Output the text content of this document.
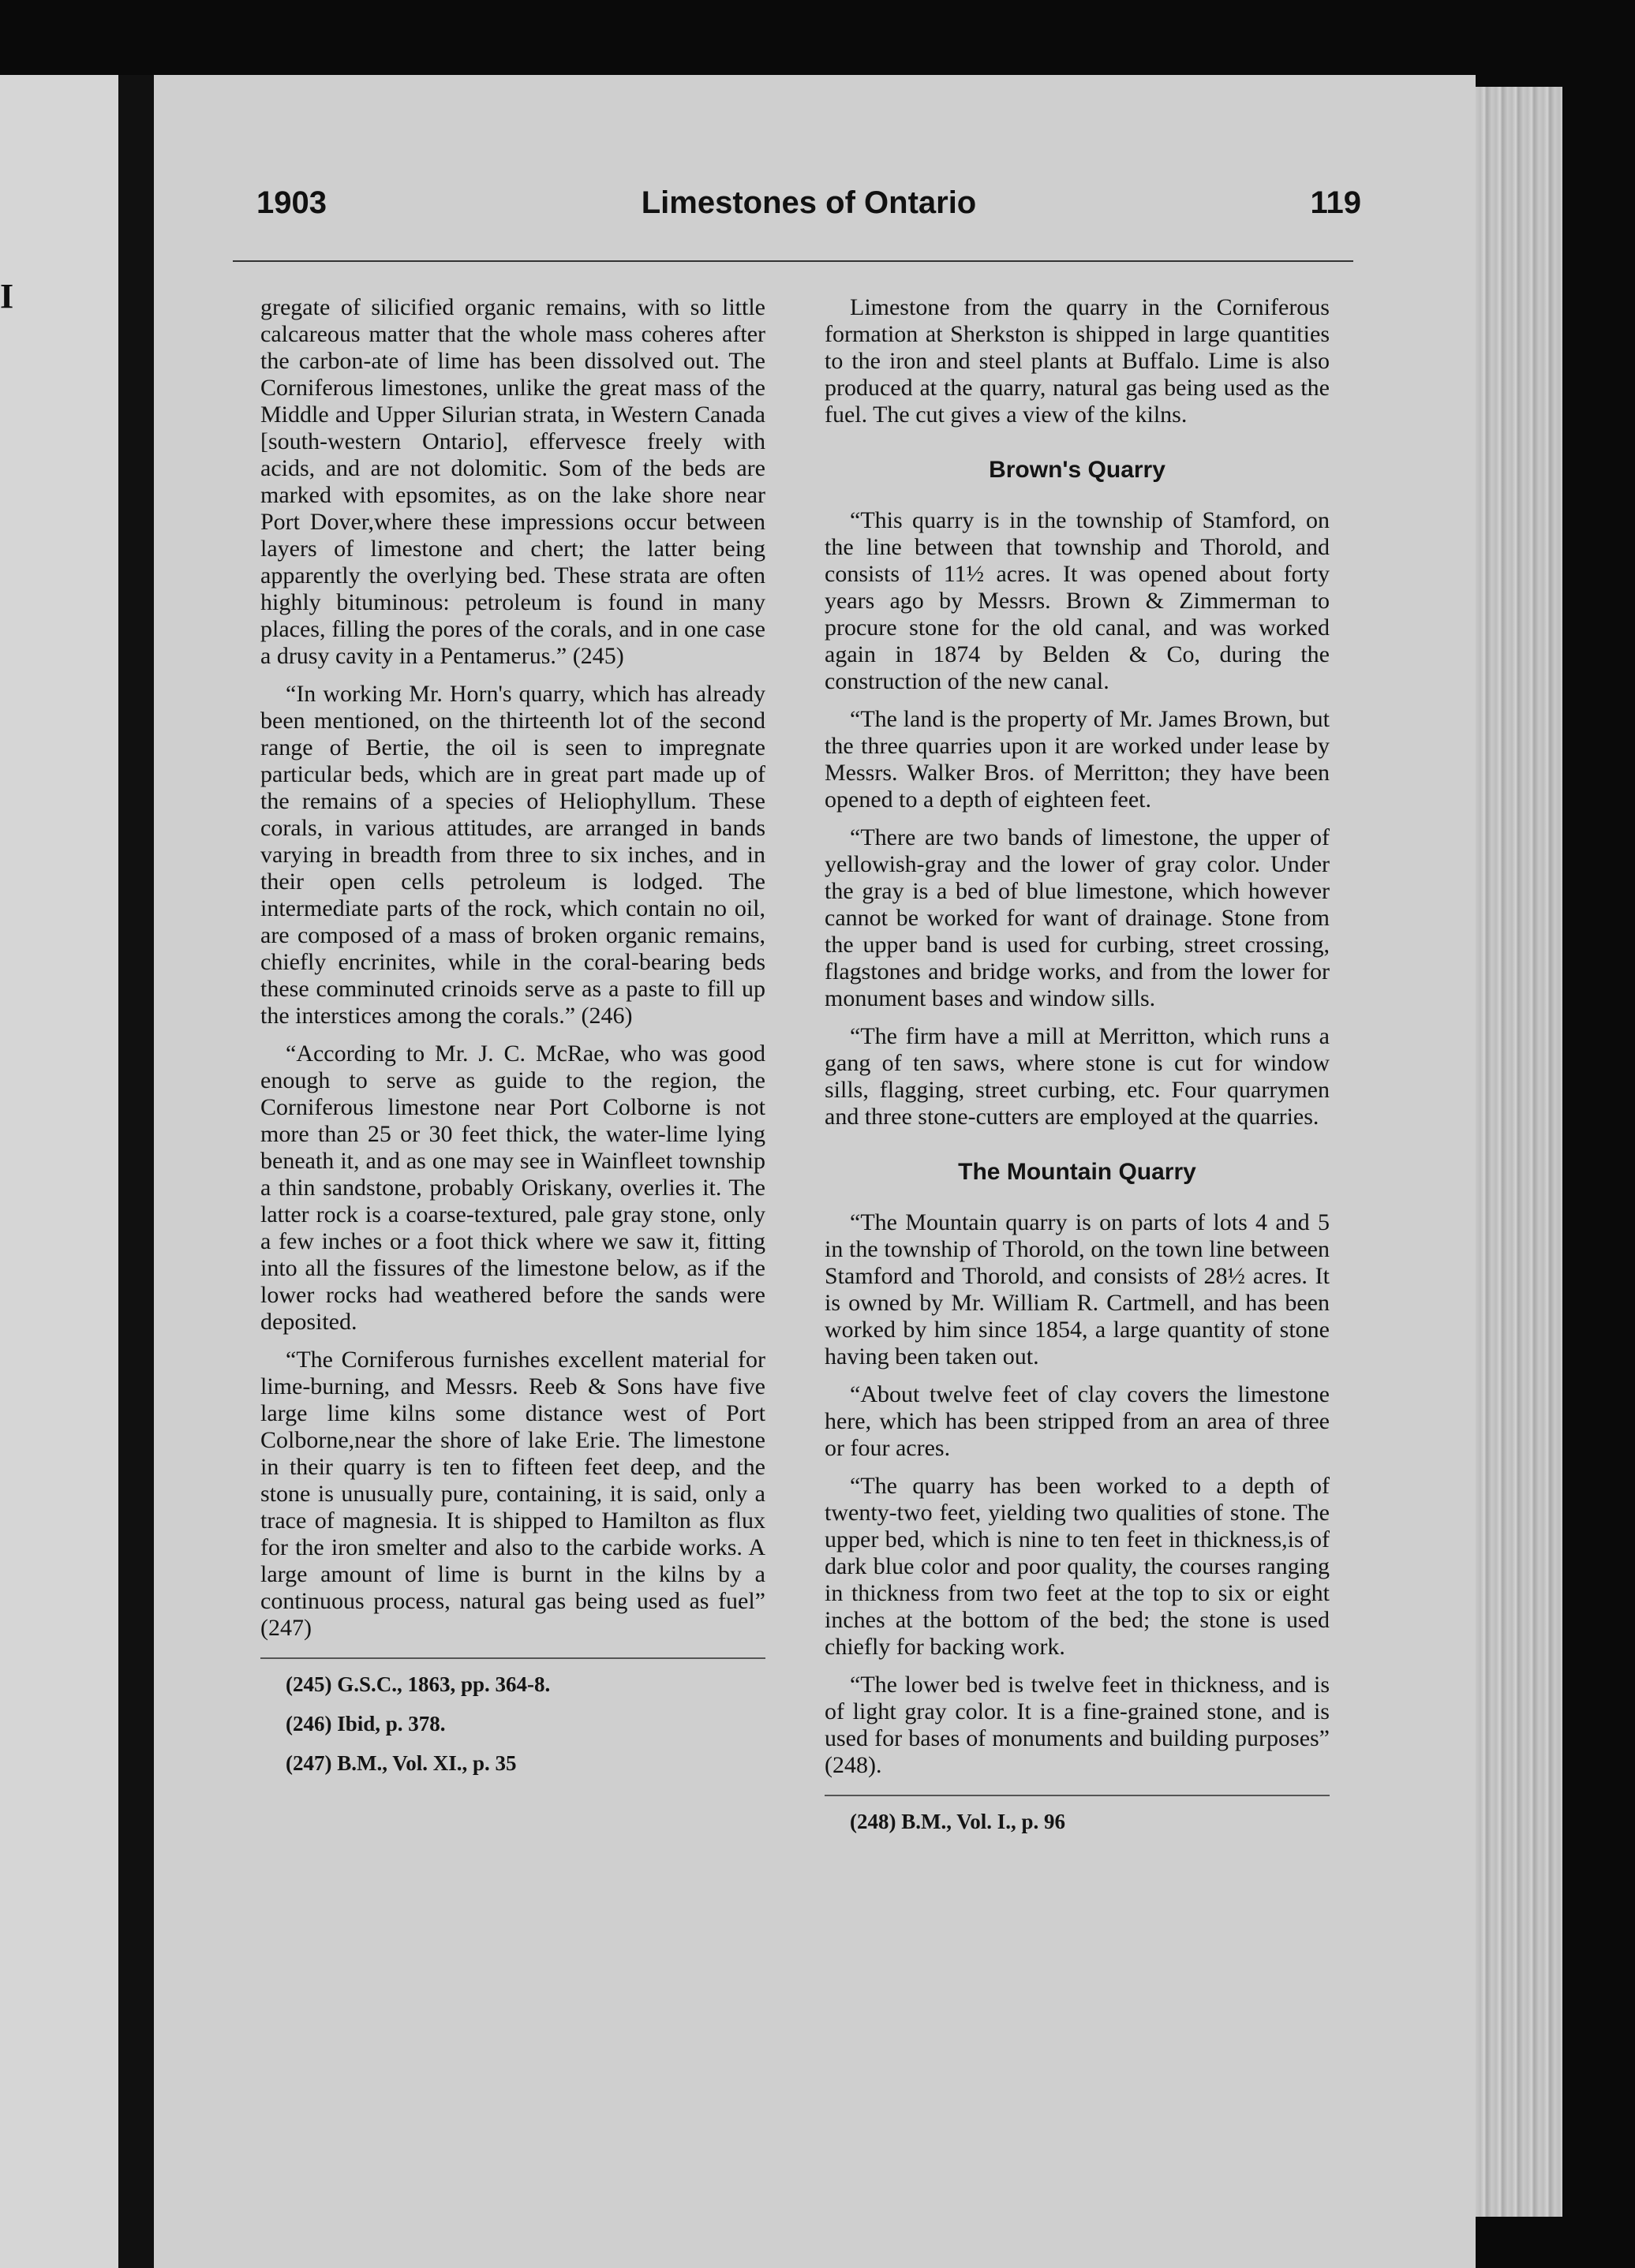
I
1903	Limestones of Ontario	119

gregate of silicified organic remains, with so little calcareous matter that the whole mass coheres after the carbon-ate of lime has been dissolved out. The Corniferous limestones, unlike the great mass of the Middle and Upper Silurian strata, in Western Canada [south-western Ontario], effervesce freely with acids, and are not dolomitic. Som of the beds are marked with epsomites, as on the lake shore near Port Dover,where these impressions occur between layers of limestone and chert; the latter being apparently the overlying bed. These strata are often highly bituminous: petroleum is found in many places, filling the pores of the corals, and in one case a drusy cavity in a Pentamerus.” (245)

“In working Mr. Horn's quarry, which has already been mentioned, on the thirteenth lot of the second range of Bertie, the oil is seen to impregnate particular beds, which are in great part made up of the remains of a species of Heliophyllum. These corals, in various attitudes, are arranged in bands varying in breadth from three to six inches, and in their open cells petroleum is lodged. The intermediate parts of the rock, which contain no oil, are composed of a mass of broken organic remains, chiefly encrinites, while in the coral-bearing beds these comminuted crinoids serve as a paste to fill up the interstices among the corals.” (246)

“According to Mr. J. C. McRae, who was good enough to serve as guide to the region, the Corniferous limestone near Port Colborne is not more than 25 or 30 feet thick, the water-lime lying beneath it, and as one may see in Wainfleet township a thin sandstone, probably Oriskany, overlies it. The latter rock is a coarse-textured, pale gray stone, only a few inches or a foot thick where we saw it, fitting into all the fissures of the limestone below, as if the lower rocks had weathered before the sands were deposited.

“The Corniferous furnishes excellent material for lime-burning, and Messrs. Reeb & Sons have five large lime kilns some distance west of Port Colborne,near the shore of lake Erie. The limestone in their quarry is ten to fifteen feet deep, and the stone is unusually pure, containing, it is said, only a trace of magnesia. It is shipped to Hamilton as flux for the iron smelter and also to the carbide works. A large amount of lime is burnt in the kilns by a continuous process, natural gas being used as fuel” (247)

(245) G.S.C., 1863, pp. 364-8.

(246) Ibid, p. 378.

(247) B.M., Vol. XI., p. 35

Limestone from the quarry in the Corniferous formation at Sherkston is shipped in large quantities to the iron and steel plants at Buffalo. Lime is also produced at the quarry, natural gas being used as the fuel. The cut gives a view of the kilns.

Brown's Quarry

“This quarry is in the township of Stamford, on the line between that township and Thorold, and consists of 11½ acres. It was opened about forty years ago by Messrs. Brown & Zimmerman to procure stone for the old canal, and was worked again in 1874 by Belden & Co, during the construction of the new canal.

“The land is the property of Mr. James Brown, but the three quarries upon it are worked under lease by Messrs. Walker Bros. of Merritton; they have been opened to a depth of eighteen feet.

“There are two bands of limestone, the upper of yellowish-gray and the lower of gray color. Under the gray is a bed of blue limestone, which however cannot be worked for want of drainage. Stone from the upper band is used for curbing, street crossing, flagstones and bridge works, and from the lower for monument bases and window sills.

“The firm have a mill at Merritton, which runs a gang of ten saws, where stone is cut for window sills, flagging, street curbing, etc. Four quarrymen and three stone-cutters are employed at the quarries.

The Mountain Quarry

“The Mountain quarry is on parts of lots 4 and 5 in the township of Thorold, on the town line between Stamford and Thorold, and consists of 28½ acres. It is owned by Mr. William R. Cartmell, and has been worked by him since 1854, a large quantity of stone having been taken out.

“About twelve feet of clay covers the limestone here, which has been stripped from an area of three or four acres.

“The quarry has been worked to a depth of twenty-two feet, yielding two qualities of stone. The upper bed, which is nine to ten feet in thickness,is of dark blue color and poor quality, the courses ranging in thickness from two feet at the top to six or eight inches at the bottom of the bed; the stone is used chiefly for backing work.

“The lower bed is twelve feet in thickness, and is of light gray color. It is a fine-grained stone, and is used for bases of monuments and building purposes” (248).

(248) B.M., Vol. I., p. 96
